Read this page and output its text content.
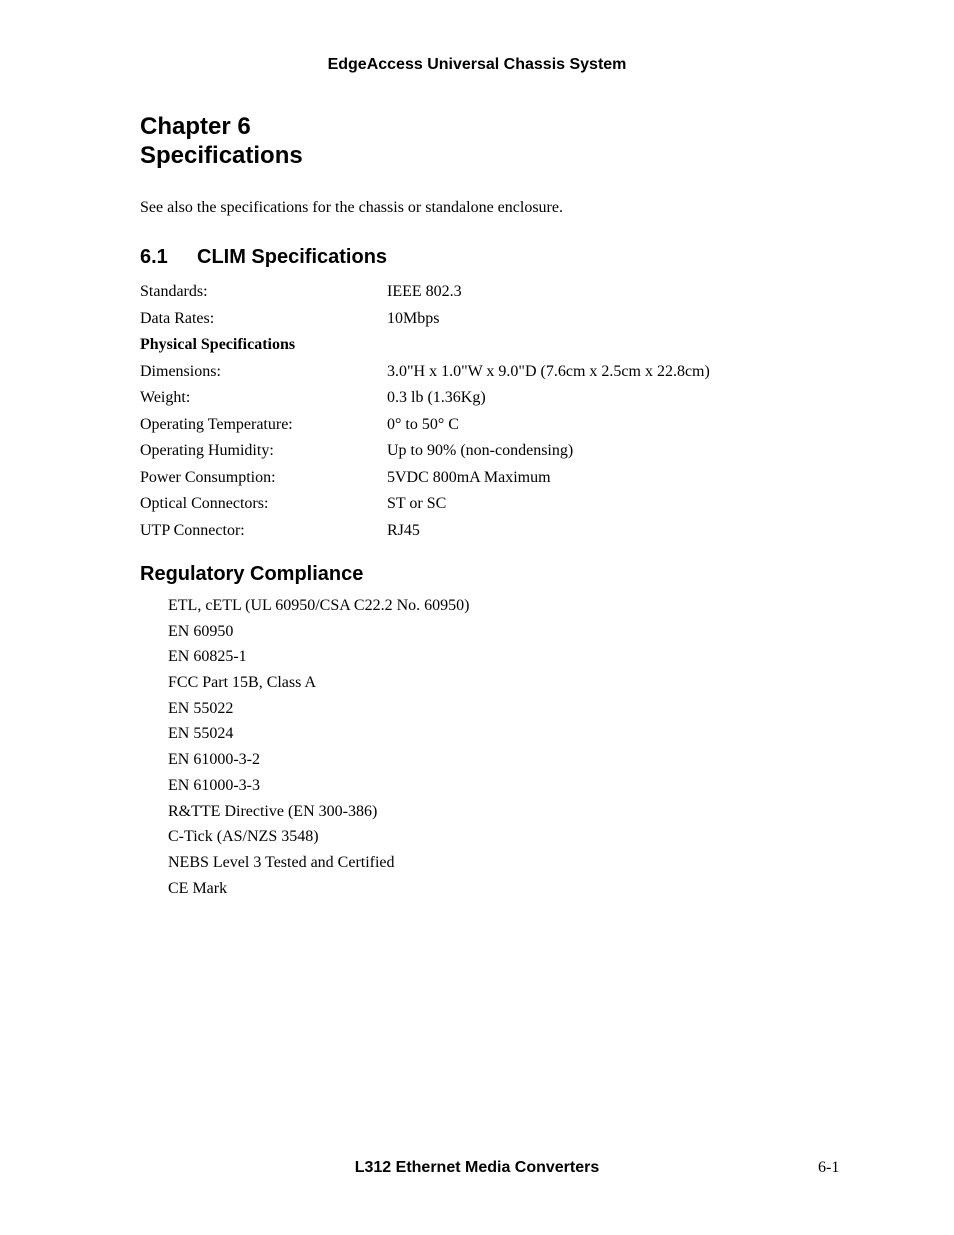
EdgeAccess Universal Chassis System
Chapter 6
Specifications

See also the specifications for the chassis or standalone enclosure.

6.1 CLIM Specifications
Standards:	IEEE 802.3
Data Rates:	10Mbps
Physical Specifications
Dimensions:	3.0"H x 1.0"W x 9.0"D (7.6cm x 2.5cm x 22.8cm)
Weight:	0.3 lb (1.36Kg)
Operating Temperature:	0° to 50° C
Operating Humidity:	Up to 90% (non-condensing)
Power Consumption:	5VDC 800mA Maximum
Optical Connectors:	ST or SC
UTP Connector:	RJ45
Regulatory Compliance
ETL, cETL (UL 60950/CSA C22.2 No. 60950)
EN 60950
EN 60825-1
FCC Part 15B, Class A
EN 55022
EN 55024
EN 61000-3-2
EN 61000-3-3
R&TTE Directive (EN 300-386)
C-Tick (AS/NZS 3548)
NEBS Level 3 Tested and Certified
CE Mark
L312 Ethernet Media Converters	6-1
